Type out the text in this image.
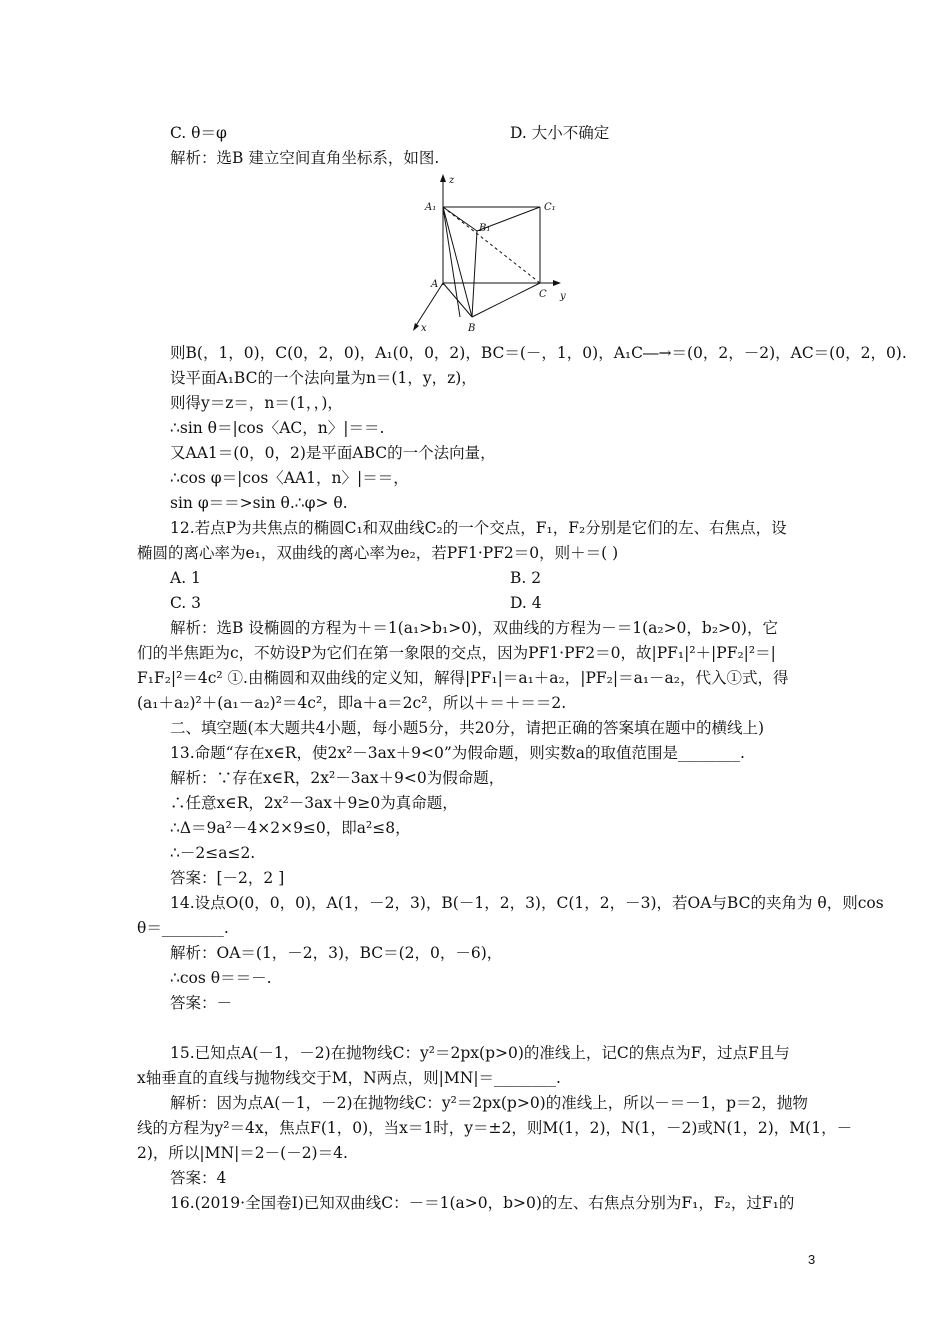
C. θ＝φ	D. 大小不确定
解析：选B 建立空间直角坐标系，如图.
z
A₁	C₁
B₁
A
C y
B
x
则B(，1，0)，C(0，2，0)，A₁(0，0，2)，BC＝(－，1，0)，A₁C―→＝(0，2，－2)，AC＝(0，2，0).
设平面A₁BC的一个法向量为n＝(1，y，z)，
则得y＝z＝，n＝(1，，)，
∴sin θ＝|cos〈AC，n〉|＝＝.
又AA1＝(0，0，2)是平面ABC的一个法向量，
∴cos φ＝|cos〈AA1，n〉|＝＝，
sin φ＝＝>sin θ.∴φ> θ.
12.若点P为共焦点的椭圆C₁和双曲线C₂的一个交点，F₁，F₂分别是它们的左、右焦点，设
椭圆的离心率为e₁，双曲线的离心率为e₂，若PF1·PF2＝0，则＋＝( )
A. 1	B. 2
C. 3	D. 4
解析：选B 设椭圆的方程为＋＝1(a₁>b₁>0)，双曲线的方程为－＝1(a₂>0，b₂>0)，它
们的半焦距为c，不妨设P为它们在第一象限的交点，因为PF1·PF2＝0，故|PF₁|²＋|PF₂|²＝|
F₁F₂|²＝4c² ①.由椭圆和双曲线的定义知，解得|PF₁|＝a₁＋a₂，|PF₂|＝a₁－a₂，代入①式，得
(a₁＋a₂)²＋(a₁－a₂)²＝4c²，即a＋a＝2c²，所以＋＝＋＝＝2.
二、填空题(本大题共4小题，每小题5分，共20分，请把正确的答案填在题中的横线上)
13.命题“存在x∈R，使2x²－3ax＋9<0”为假命题，则实数a的取值范围是________.
解析：∵存在x∈R，2x²－3ax＋9<0为假命题，
∴任意x∈R，2x²－3ax＋9≥0为真命题，
∴Δ＝9a²－4×2×9≤0，即a²≤8，
∴－2≤a≤2.
答案：[－2，2 ]
14.设点O(0，0，0)，A(1，－2，3)，B(－1，2，3)，C(1，2，－3)，若OA与BC的夹角为 θ，则cos
θ＝________.
解析：OA＝(1，－2，3)，BC＝(2，0，－6)，
∴cos θ＝＝－.
答案：－
15.已知点A(－1，－2)在抛物线C：y²＝2px(p>0)的准线上，记C的焦点为F，过点F且与
x轴垂直的直线与抛物线交于M，N两点，则|MN|＝________.
解析：因为点A(－1，－2)在抛物线C：y²＝2px(p>0)的准线上，所以－＝－1，p＝2，抛物
线的方程为y²＝4x，焦点F(1，0)，当x＝1时，y＝±2，则M(1，2)，N(1，－2)或N(1，2)，M(1，－
2)，所以|MN|＝2－(－2)＝4.
答案：4
16.(2019·全国卷Ⅰ)已知双曲线C：－＝1(a>0，b>0)的左、右焦点分别为F₁，F₂，过F₁的
3
